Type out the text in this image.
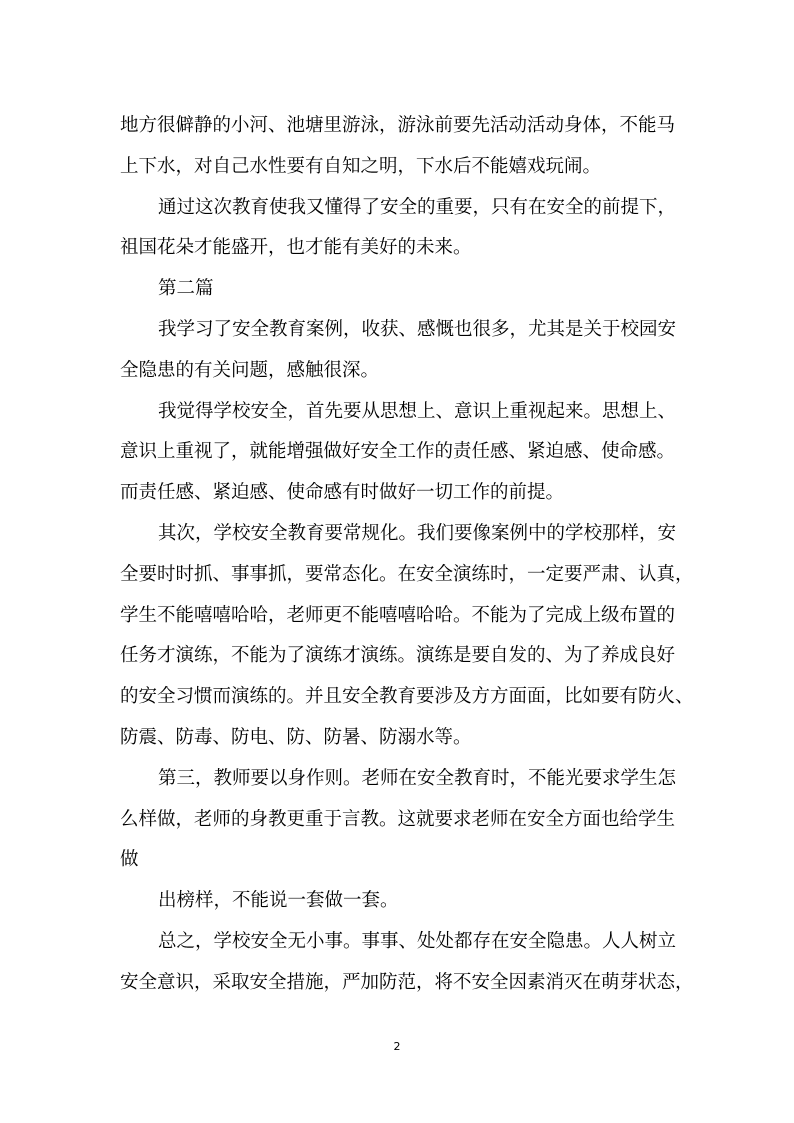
地方很僻静的小河、池塘里游泳，游泳前要先活动活动身体，不能马
上下水，对自己水性要有自知之明，下水后不能嬉戏玩闹。
通过这次教育使我又懂得了安全的重要，只有在安全的前提下，
祖国花朵才能盛开，也才能有美好的未来。
第二篇
我学习了安全教育案例，收获、感慨也很多，尤其是关于校园安
全隐患的有关问题，感触很深。
我觉得学校安全，首先要从思想上、意识上重视起来。思想上、
意识上重视了，就能增强做好安全工作的责任感、紧迫感、使命感。
而责任感、紧迫感、使命感有时做好一切工作的前提。
其次，学校安全教育要常规化。我们要像案例中的学校那样，安
全要时时抓、事事抓，要常态化。在安全演练时，一定要严肃、认真，
学生不能嘻嘻哈哈，老师更不能嘻嘻哈哈。不能为了完成上级布置的
任务才演练，不能为了演练才演练。演练是要自发的、为了养成良好
的安全习惯而演练的。并且安全教育要涉及方方面面，比如要有防火、
防震、防毒、防电、防、防暑、防溺水等。
第三，教师要以身作则。老师在安全教育时，不能光要求学生怎
么样做，老师的身教更重于言教。这就要求老师在安全方面也给学生
做
出榜样，不能说一套做一套。
总之，学校安全无小事。事事、处处都存在安全隐患。人人树立
安全意识，采取安全措施，严加防范，将不安全因素消灭在萌芽状态，
2
